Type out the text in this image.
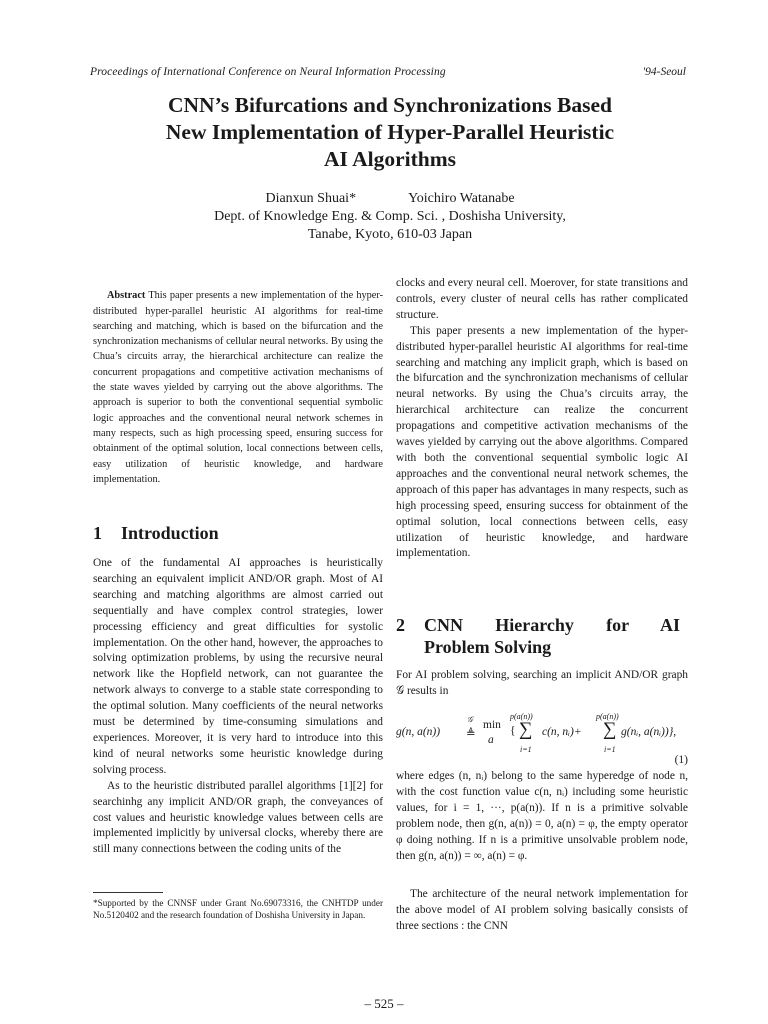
Proceedings of International Conference on Neural Information Processing	'94-Seoul
CNN’s Bifurcations and Synchronizations Based
New Implementation of Hyper-Parallel Heuristic
AI Algorithms
Dianxun Shuai*	Yoichiro Watanabe
Dept. of Knowledge Eng. & Comp. Sci. , Doshisha University,
Tanabe, Kyoto, 610-03 Japan

Abstract This paper presents a new implementation of the hyper-distributed hyper-parallel heuristic AI algorithms for real-time searching and matching, which is based on the bifurcation and the synchronization mechanisms of cellular neural networks. By using the Chua’s circuits array, the hierarchical architecture can realize the concurrent propagations and competitive activation mechanisms of the state waves yielded by carrying out the above algorithms. The approach is superior to both the conventional sequential symbolic logic approaches and the conventional neural network schemes in many respects, such as high processing speed, ensuring success for obtainment of the optimal solution, local connections between cells, easy utilization of heuristic knowledge, and hardware implementation.

1 Introduction

One of the fundamental AI approaches is heuristically searching an equivalent implicit AND/OR graph. Most of AI searching and matching algorithms are almost carried out sequentially and have complex control strategies, lower processing efficiency and great difficulties for systolic implementation. On the other hand, however, the approaches to solving optimization problems, by using the recursive neural network like the Hopfield network, can not guarantee the network always to converge to a stable state corresponding to the optimal solution. Many coefficients of the neural networks must be determined by time-consuming simulations and experiences. Moreover, it is very hard to introduce into this kind of neural networks some heuristic knowledge during solving process.

As to the heuristic distributed parallel algorithms [1][2] for searchinhg any implicit AND/OR graph, the conveyances of cost values and heuristic knowledge values between cells are implemented implicitly by universal clocks, whereby there are still many connections between the coding units of the

*Supported by the CNNSF under Grant No.69073316, the CNHTDP under No.5120402 and the research foundation of Doshisha University in Japan.

clocks and every neural cell. Moerover, for state transitions and controls, every cluster of neural cells has rather complicated structure.

This paper presents a new implementation of the hyper-distributed hyper-parallel heuristic AI algorithms for real-time searching and matching any implicit graph, which is based on the bifurcation and the synchronization mechanisms of cellular neural networks. By using the Chua’s circuits array, the hierarchical architecture can realize the concurrent propagations and competitive activation mechanisms of the waves yielded by carrying out the above algorithms. Compared with both the conventional sequential symbolic logic AI approaches and the conventional neural network schemes, the approach of this paper has advantages in many respects, such as high processing speed, ensuring success for obtainment of the optimal solution, local connections between cells, easy utilization of heuristic knowledge, and hardware implementation.

2	CNN Hierarchy for AI
Problem Solving
For AI problem solving, searching an implicit AND/OR graph 𝒢 results in
g(n, a(n)) ≜
𝒢 min
a
{
p(a(n))
∑
i=1
c(n, nᵢ)+
p(a(n))
∑
i=1
g(nᵢ, a(nᵢ))},
(1)
where edges (n, nᵢ) belong to the same hyperedge of node n, with the cost function value c(n, nᵢ) including some heuristic values, for i = 1, ···, p(a(n)). If n is a primitive solvable problem node, then g(n, a(n)) = 0, a(n) = φ, the empty operator φ doing nothing. If n is a primitive unsolvable problem node, then g(n, a(n)) = ∞, a(n) = φ.

The architecture of the neural network implementation for the above model of AI problem solving basically consists of three sections : the CNN

– 525 –
